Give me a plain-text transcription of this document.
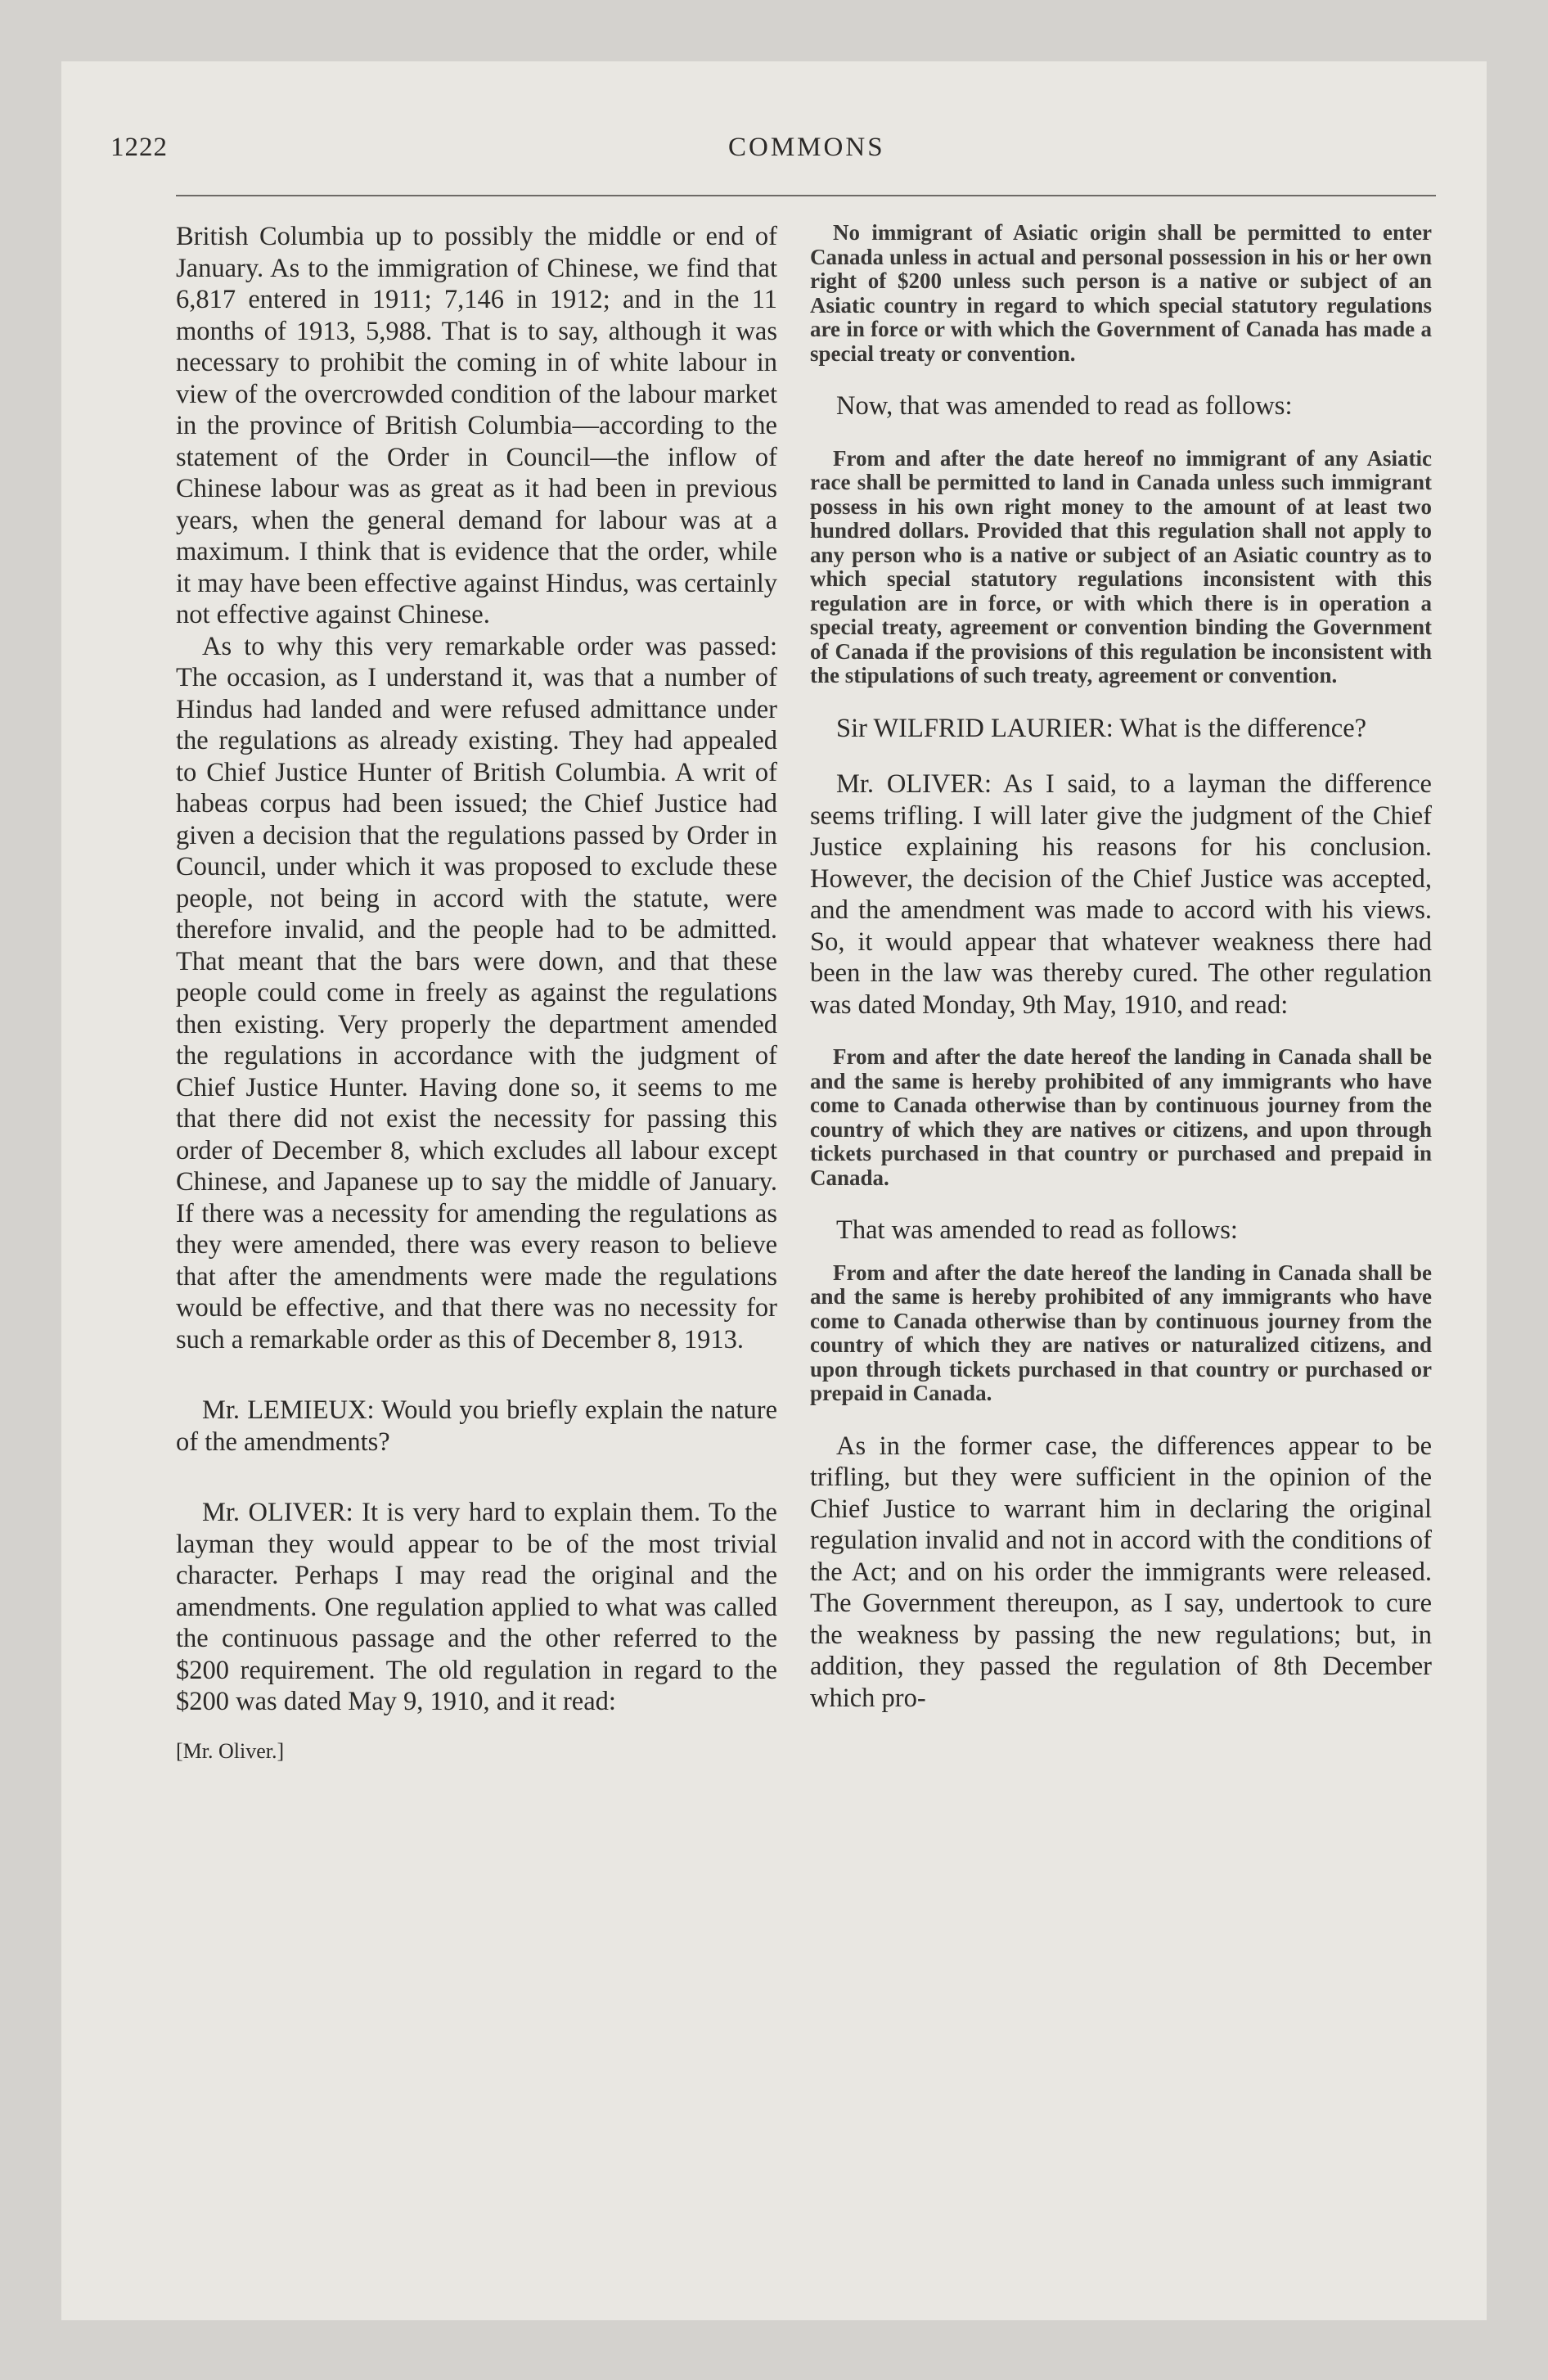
1222	COMMONS

British Columbia up to possibly the middle or end of January. As to the immigration of Chinese, we find that 6,817 entered in 1911; 7,146 in 1912; and in the 11 months of 1913, 5,988. That is to say, although it was necessary to prohibit the coming in of white labour in view of the overcrowded condition of the labour market in the province of British Columbia—according to the statement of the Order in Council—the inflow of Chinese labour was as great as it had been in previous years, when the general demand for labour was at a maximum. I think that is evidence that the order, while it may have been effective against Hindus, was certainly not effective against Chinese.

As to why this very remarkable order was passed: The occasion, as I understand it, was that a number of Hindus had landed and were refused admittance under the regulations as already existing. They had appealed to Chief Justice Hunter of British Columbia. A writ of habeas corpus had been issued; the Chief Justice had given a decision that the regulations passed by Order in Council, under which it was proposed to exclude these people, not being in accord with the statute, were therefore invalid, and the people had to be admitted. That meant that the bars were down, and that these people could come in freely as against the regulations then existing. Very properly the department amended the regulations in accordance with the judgment of Chief Justice Hunter. Having done so, it seems to me that there did not exist the necessity for passing this order of December 8, which excludes all labour except Chinese, and Japanese up to say the middle of January. If there was a necessity for amending the regulations as they were amended, there was every reason to believe that after the amendments were made the regulations would be effective, and that there was no necessity for such a remarkable order as this of December 8, 1913.

Mr. LEMIEUX: Would you briefly explain the nature of the amendments?

Mr. OLIVER: It is very hard to explain them. To the layman they would appear to be of the most trivial character. Perhaps I may read the original and the amendments. One regulation applied to what was called the continuous passage and the other referred to the $200 requirement. The old regulation in regard to the $200 was dated May 9, 1910, and it read:

[Mr. Oliver.]

No immigrant of Asiatic origin shall be permitted to enter Canada unless in actual and personal possession in his or her own right of $200 unless such person is a native or subject of an Asiatic country in regard to which special statutory regulations are in force or with which the Government of Canada has made a special treaty or convention.

Now, that was amended to read as follows:

From and after the date hereof no immigrant of any Asiatic race shall be permitted to land in Canada unless such immigrant possess in his own right money to the amount of at least two hundred dollars. Provided that this regulation shall not apply to any person who is a native or subject of an Asiatic country as to which special statutory regulations inconsistent with this regulation are in force, or with which there is in operation a special treaty, agreement or convention binding the Government of Canada if the provisions of this regulation be inconsistent with the stipulations of such treaty, agreement or convention.

Sir WILFRID LAURIER: What is the difference?

Mr. OLIVER: As I said, to a layman the difference seems trifling. I will later give the judgment of the Chief Justice explaining his reasons for his conclusion. However, the decision of the Chief Justice was accepted, and the amendment was made to accord with his views. So, it would appear that whatever weakness there had been in the law was thereby cured. The other regulation was dated Monday, 9th May, 1910, and read:

From and after the date hereof the landing in Canada shall be and the same is hereby prohibited of any immigrants who have come to Canada otherwise than by continuous journey from the country of which they are natives or citizens, and upon through tickets purchased in that country or purchased and prepaid in Canada.

That was amended to read as follows:

From and after the date hereof the landing in Canada shall be and the same is hereby prohibited of any immigrants who have come to Canada otherwise than by continuous journey from the country of which they are natives or naturalized citizens, and upon through tickets purchased in that country or purchased or prepaid in Canada.

As in the former case, the differences appear to be trifling, but they were sufficient in the opinion of the Chief Justice to warrant him in declaring the original regulation invalid and not in accord with the conditions of the Act; and on his order the immigrants were released. The Government thereupon, as I say, undertook to cure the weakness by passing the new regulations; but, in addition, they passed the regulation of 8th December which pro-
